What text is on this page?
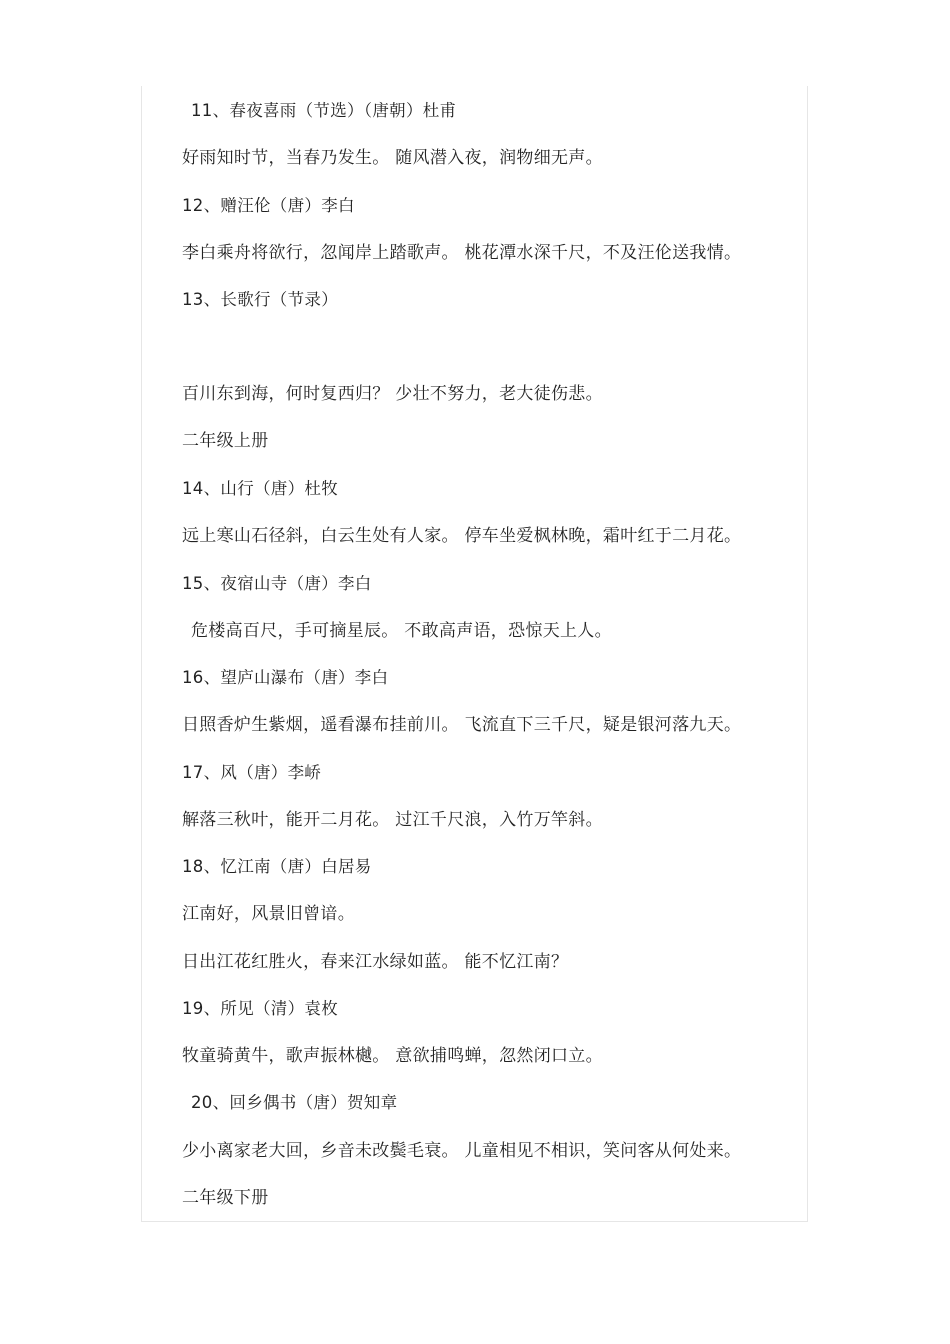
11、春夜喜雨（节选）（唐朝）杜甫
好雨知时节，当春乃发生。 随风潜入夜，润物细无声。
12、赠汪伦（唐）李白
李白乘舟将欲行，忽闻岸上踏歌声。 桃花潭水深千尺，不及汪伦送我情。
13、长歌行（节录）
百川东到海，何时复西归？ 少壮不努力，老大徒伤悲。
二年级上册
14、山行（唐）杜牧
远上寒山石径斜，白云生处有人家。 停车坐爱枫林晚，霜叶红于二月花。
15、夜宿山寺（唐）李白
危楼高百尺，手可摘星辰。 不敢高声语，恐惊天上人。
16、望庐山瀑布（唐）李白
日照香炉生紫烟，遥看瀑布挂前川。 飞流直下三千尺，疑是银河落九天。
17、风（唐）李峤
解落三秋叶，能开二月花。 过江千尺浪，入竹万竿斜。
18、忆江南（唐）白居易
江南好，风景旧曾谙。
日出江花红胜火，春来江水绿如蓝。 能不忆江南？
19、所见（清）袁枚
牧童骑黄牛，歌声振林樾。 意欲捕鸣蝉，忽然闭口立。
20、回乡偶书（唐）贺知章
少小离家老大回，乡音未改鬓毛衰。 儿童相见不相识，笑问客从何处来。
二年级下册
